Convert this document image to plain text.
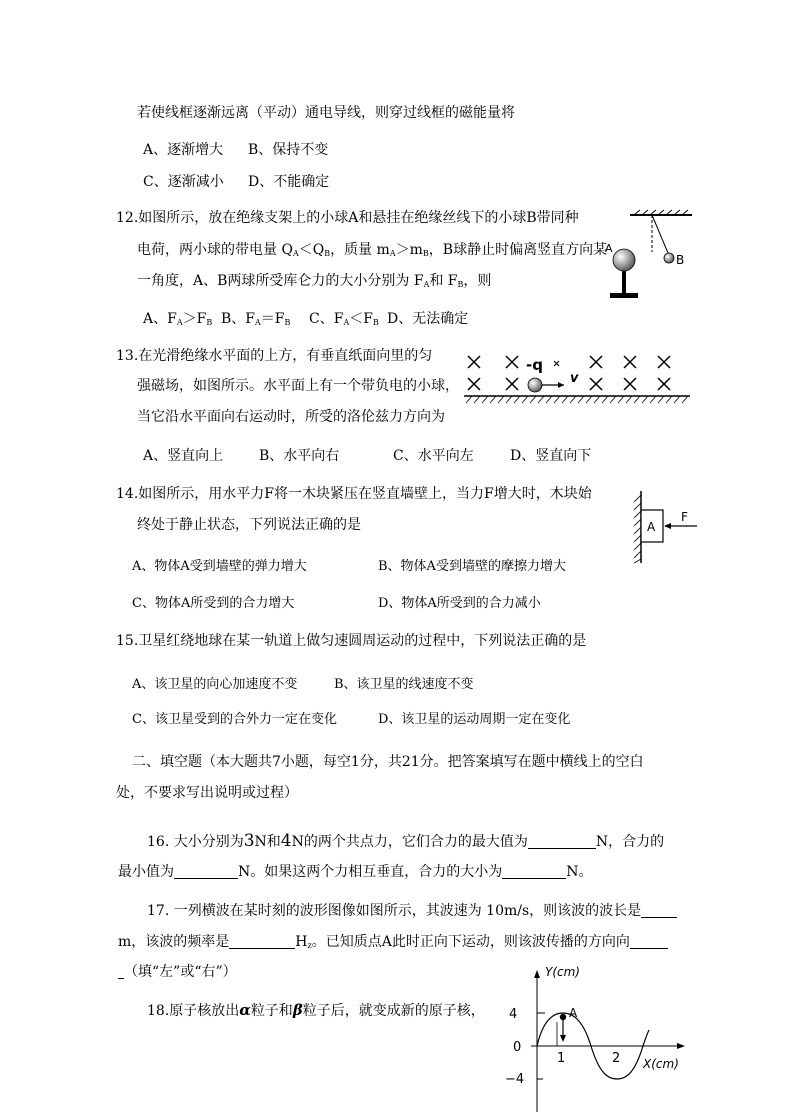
若使线框逐渐远离（平动）通电导线，则穿过线框的磁能量将
A、逐渐增大 B、保持不变
C、逐渐减小 D、不能确定
12.如图所示，放在绝缘支架上的小球A和悬挂在绝缘丝线下的小球B带同种
电荷，两小球的带电量 $Q_A<Q_B$，质量 $m_A>m_B$，B球静止时偏离竖直方向某
一角度，A、B两球所受库仑力的大小分别为 $F_A$和 $F_B$，则
A、$F_A>F_B$ B、$F_A=F_B$ C、$F_A<F_B$ D、无法确定
B
A
13.在光滑绝缘水平面的上方，有垂直纸面向里的匀
强磁场，如图所示。水平面上有一个带负电的小球，
当它沿水平面向右运动时，所受的洛伦兹力方向为
A、竖直向上	B、水平向右	C、水平向左	D、竖直向下
-q
v
14.如图所示，用水平力F将一木块紧压在竖直墙壁上，当力F增大时，木块始
终处于静止状态，下列说法正确的是
A、物体A受到墙壁的弹力增大	B、物体A受到墙壁的摩擦力增大
C、物体A所受到的合力增大	D、物体A所受到的合力减小
A
F
15.卫星红绕地球在某一轨道上做匀速圆周运动的过程中，下列说法正确的是
A、该卫星的向心加速度不变	B、该卫星的线速度不变
C、该卫星受到的合外力一定在变化	D、该卫星的运动周期一定在变化
二、填空题（本大题共7小题，每空1分，共21分。把答案填写在题中横线上的空白
处，不要求写出说明或过程）
16. 大小分别为3N和4N的两个共点力，它们合力的最大值为	N，合力的
最小值为	N。如果这两个力相互垂直，合力的大小为	N。
17. 一列横波在某时刻的波形图像如图所示，其波速为 10m/s，则该波的波长是
m，该波的频率是	$H_z$。已知质点A此时正向下运动，则该波传播的方向向
（填“左”或“右”）
18.原子核放出α粒子和β粒子后，就变成新的原子核，
Y(cm)
X(cm)
4
0
−4
1	2
A
